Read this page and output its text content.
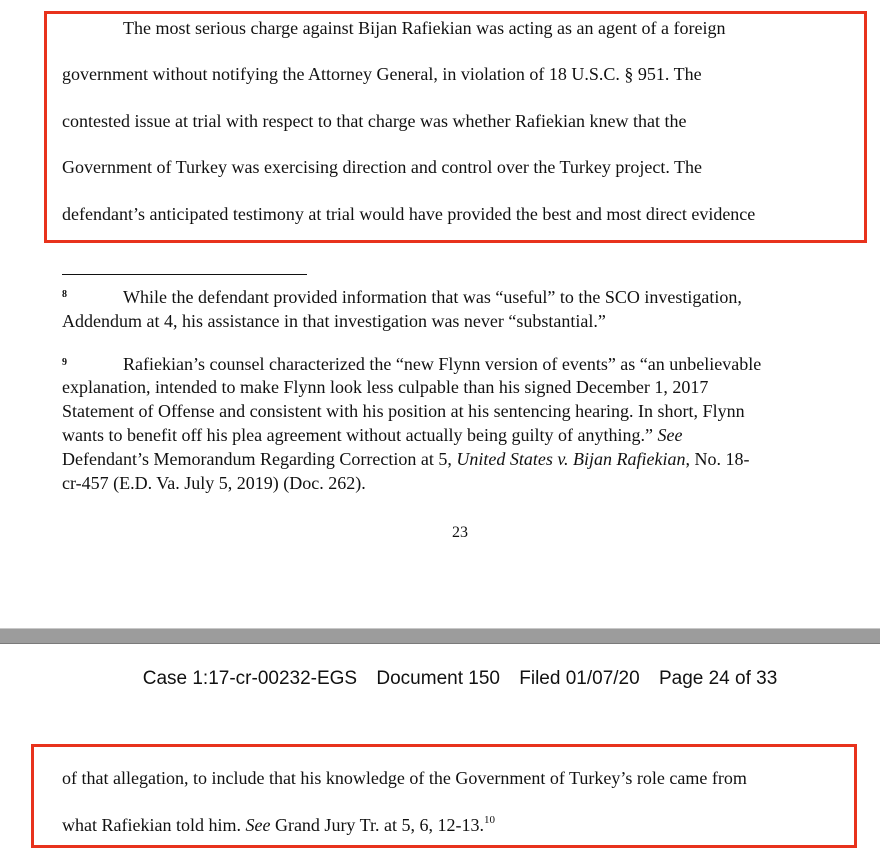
The most serious charge against Bijan Rafiekian was acting as an agent of a foreign
government without notifying the Attorney General, in violation of 18 U.S.C. § 951. The
contested issue at trial with respect to that charge was whether Rafiekian knew that the
Government of Turkey was exercising direction and control over the Turkey project. The
defendant’s anticipated testimony at trial would have provided the best and most direct evidence
8	While the defendant provided information that was “useful” to the SCO investigation,
Addendum at 4, his assistance in that investigation was never “substantial.”
9	Rafiekian’s counsel characterized the “new Flynn version of events” as “an unbelievable
explanation, intended to make Flynn look less culpable than his signed December 1, 2017
Statement of Offense and consistent with his position at his sentencing hearing. In short, Flynn
wants to benefit off his plea agreement without actually being guilty of anything.” See
Defendant’s Memorandum Regarding Correction at 5, United States v. Bijan Rafiekian, No. 18-
cr-457 (E.D. Va. July 5, 2019) (Doc. 262).
23
Case 1:17-cr-00232-EGS Document 150 Filed 01/07/20 Page 24 of 33
of that allegation, to include that his knowledge of the Government of Turkey’s role came from
what Rafiekian told him. See Grand Jury Tr. at 5, 6, 12-13.10
